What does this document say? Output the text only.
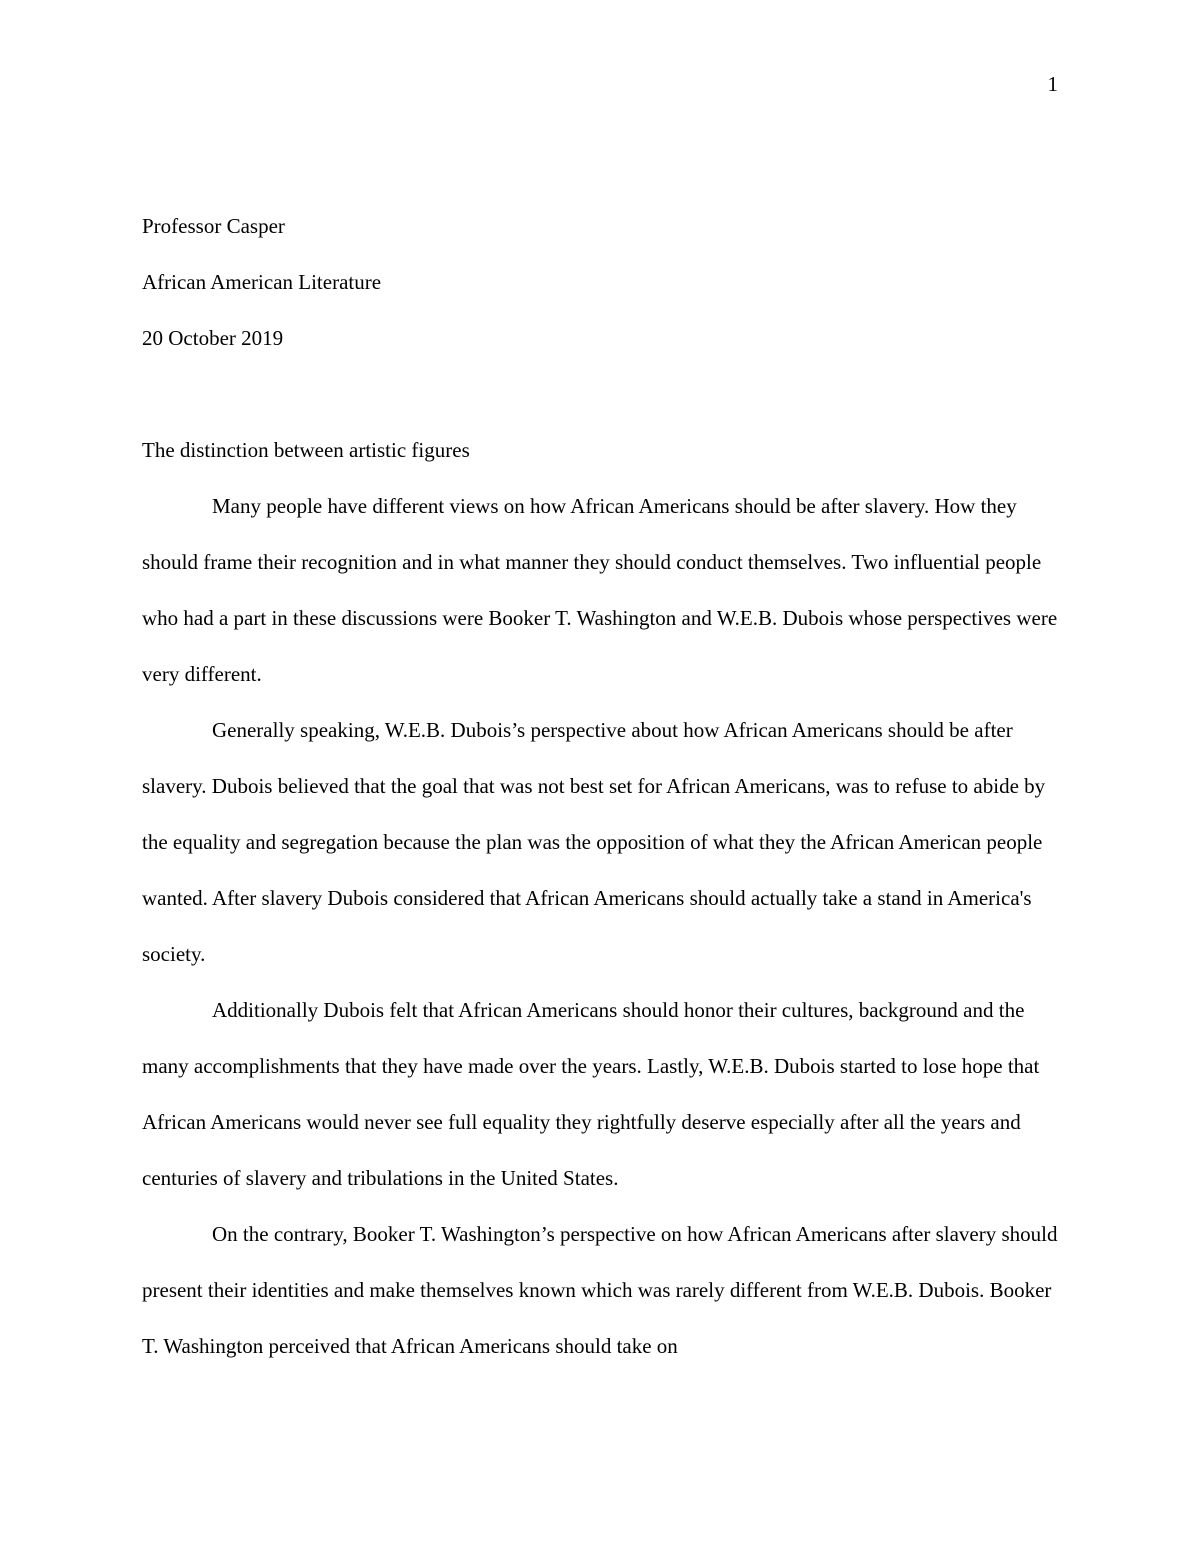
1

Professor Casper

African American Literature

20 October 2019

The distinction between artistic figures

Many people have different views on how African Americans should be after slavery. How they should frame their recognition and in what manner they should conduct themselves. Two influential people who had a part in these discussions were Booker T. Washington and W.E.B. Dubois whose perspectives were very different.

Generally speaking, W.E.B. Dubois’s perspective about how African Americans should be after slavery. Dubois believed that the goal that was not best set for African Americans, was to refuse to abide by the equality and segregation because the plan was the opposition of what they the African American people wanted. After slavery Dubois considered that African Americans should actually take a stand in America's society.

Additionally Dubois felt that African Americans should honor their cultures, background and the many accomplishments that they have made over the years. Lastly, W.E.B. Dubois started to lose hope that African Americans would never see full equality they rightfully deserve especially after all the years and centuries of slavery and tribulations in the United States.

On the contrary, Booker T. Washington’s perspective on how African Americans after slavery should present their identities and make themselves known which was rarely different from W.E.B. Dubois. Booker T. Washington perceived that African Americans should take on
